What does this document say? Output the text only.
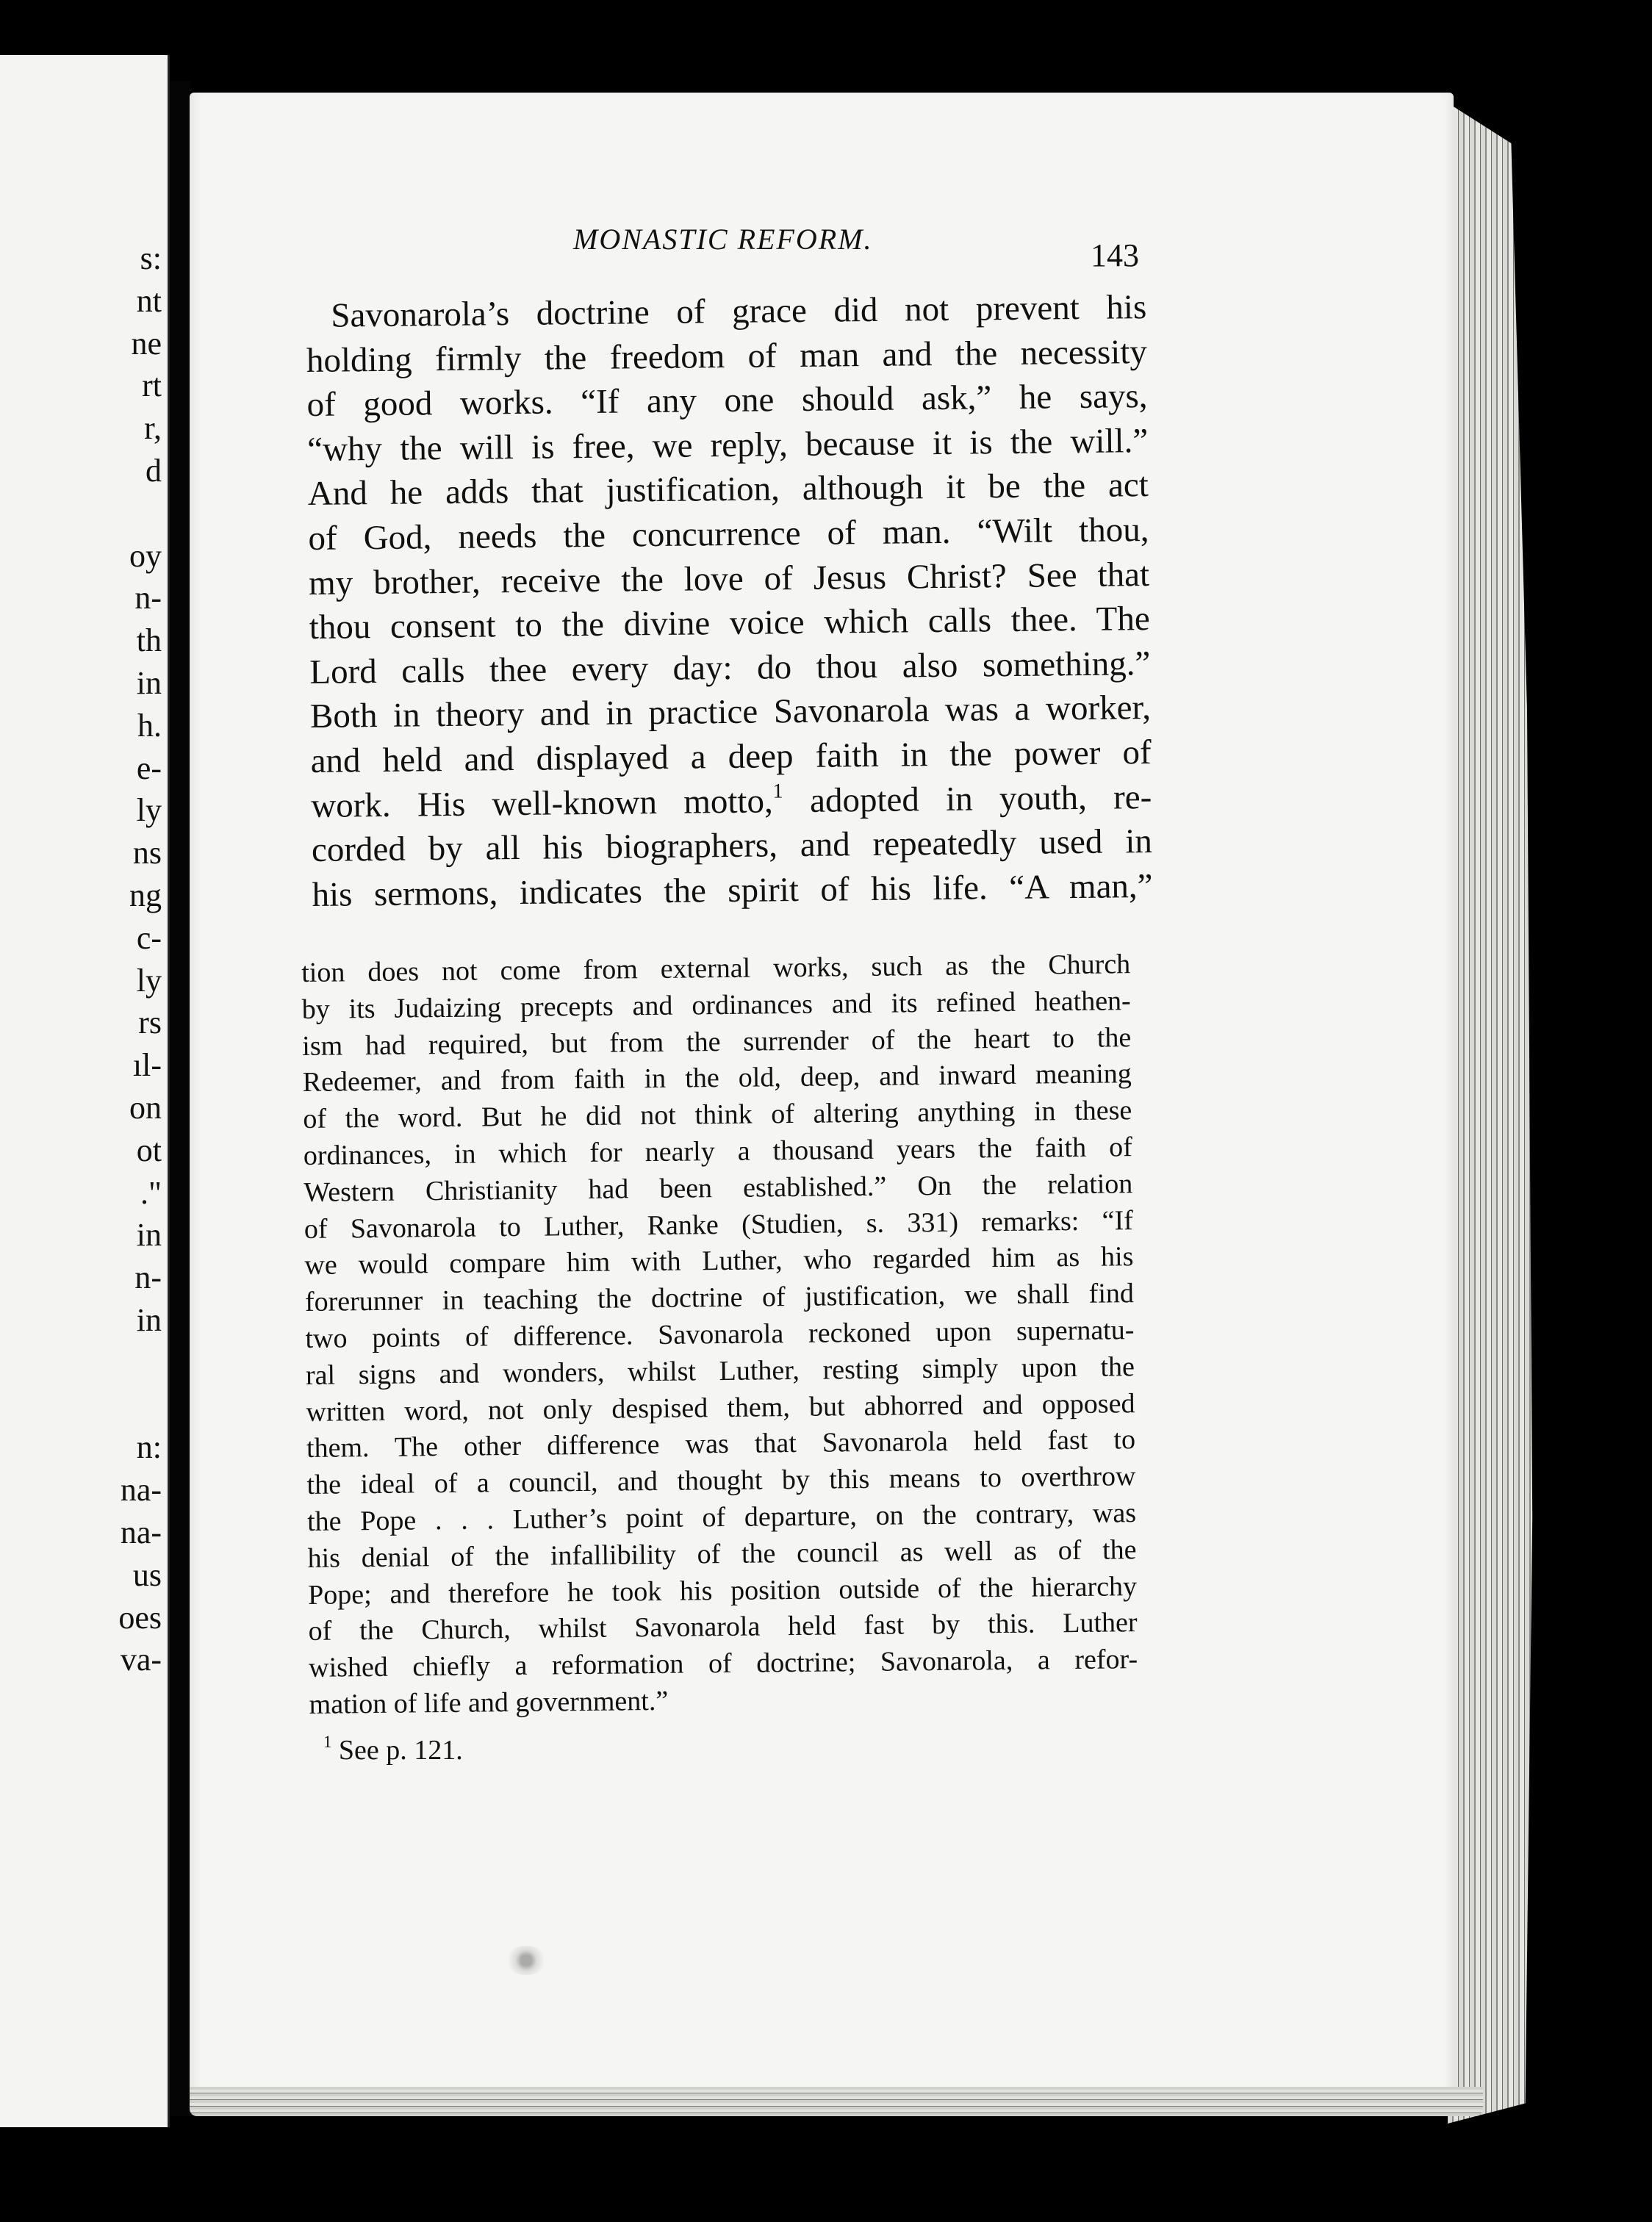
s:
nt
ne
rt
r,
d
oy
n-
th
in
h.
e-
ly
ns
ng
c-
ly
rs
ıl-
on
ot
."
in
n-
in
n:
na-
na-
us
oes
va-
MONASTIC REFORM.	143
Savonarola’s doctrine of grace did not prevent his
holding firmly the freedom of man and the necessity
of good works. “If any one should ask,” he says,
“why the will is free, we reply, because it is the will.”
And he adds that justification, although it be the act
of God, needs the concurrence of man. “Wilt thou,
my brother, receive the love of Jesus Christ? See that
thou consent to the divine voice which calls thee. The
Lord calls thee every day: do thou also something.”
Both in theory and in practice Savonarola was a worker,
and held and displayed a deep faith in the power of
work. His well-known motto,$^1$ adopted in youth, re-
corded by all his biographers, and repeatedly used in
his sermons, indicates the spirit of his life. “A man,”
tion does not come from external works, such as the Church
by its Judaizing precepts and ordinances and its refined heathen-
ism had required, but from the surrender of the heart to the
Redeemer, and from faith in the old, deep, and inward meaning
of the word. But he did not think of altering anything in these
ordinances, in which for nearly a thousand years the faith of
Western Christianity had been established.” On the relation
of Savonarola to Luther, Ranke (Studien, s. 331) remarks: “If
we would compare him with Luther, who regarded him as his
forerunner in teaching the doctrine of justification, we shall find
two points of difference. Savonarola reckoned upon supernatu-
ral signs and wonders, whilst Luther, resting simply upon the
written word, not only despised them, but abhorred and opposed
them. The other difference was that Savonarola held fast to
the ideal of a council, and thought by this means to overthrow
the Pope . . . Luther’s point of departure, on the contrary, was
his denial of the infallibility of the council as well as of the
Pope; and therefore he took his position outside of the hierarchy
of the Church, whilst Savonarola held fast by this. Luther
wished chiefly a reformation of doctrine; Savonarola, a refor-
mation of life and government.”
$^1$ See p. 121.
